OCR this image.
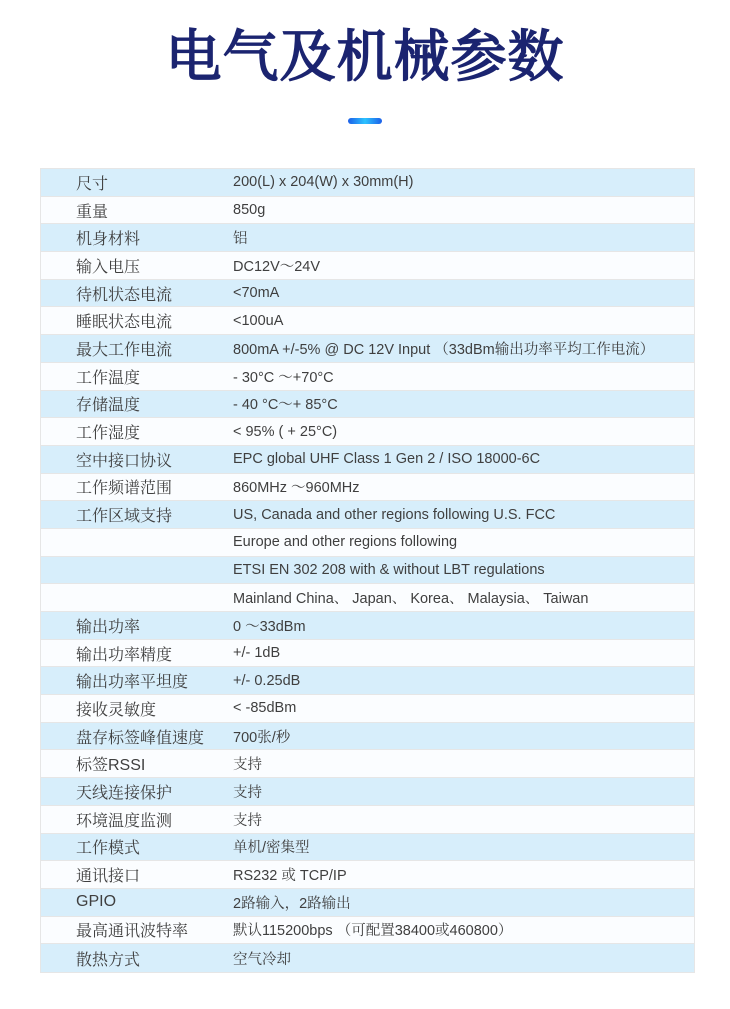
电气及机械参数
尺寸	200(L) x 204(W) x 30mm(H)
重量	850g
机身材料	铝
输入电压	DC12V～24V
待机状态电流	<70mA
睡眠状态电流	<100uA
最大工作电流	800mA +/-5% @ DC 12V Input （33dBm输出功率平均工作电流）
工作温度	- 30°C ～+70°C
存储温度	- 40 °C～+ 85°C
工作湿度	< 95% ( + 25°C)
空中接口协议	EPC global UHF Class 1 Gen 2 / ISO 18000-6C
工作频谱范围	860MHz ～960MHz
工作区域支持	US, Canada and other regions following U.S. FCC
Europe and other regions following
ETSI EN 302 208 with & without LBT regulations
Mainland China、 Japan、 Korea、 Malaysia、 Taiwan
输出功率	0 ～33dBm
输出功率精度	+/- 1dB
输出功率平坦度	+/- 0.25dB
接收灵敏度	< -85dBm
盘存标签峰值速度	700张/秒
标签RSSI	支持
天线连接保护	支持
环境温度监测	支持
工作模式	单机/密集型
通讯接口	RS232 或 TCP/IP
GPIO	2路输入，2路输出
最高通讯波特率	默认115200bps （可配置38400或460800）
散热方式	空气冷却
